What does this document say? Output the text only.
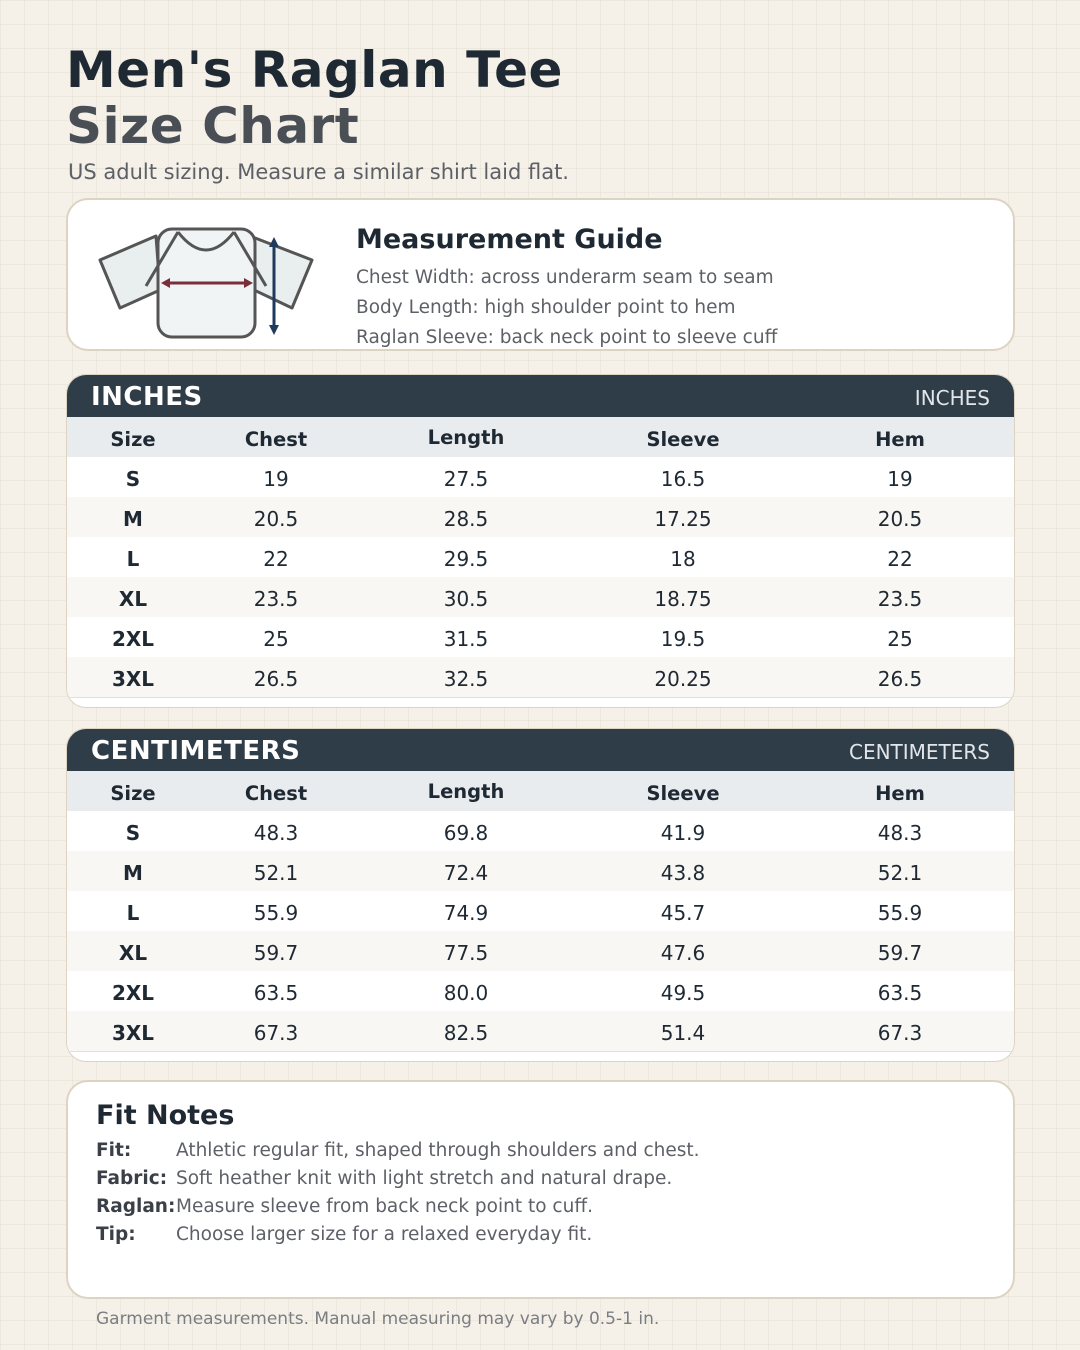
Men's Raglan Tee
Size Chart
US adult sizing. Measure a similar shirt laid flat.
Measurement Guide
Chest Width: across underarm seam to seam
Body Length: high shoulder point to hem
Raglan Sleeve: back neck point to sleeve cuff
INCHES	INCHES
Size	Chest	Length	Sleeve	Hem
S	19	27.5	16.5	19
M	20.5	28.5	17.25	20.5
L	22	29.5	18	22
XL	23.5	30.5	18.75	23.5
2XL	25	31.5	19.5	25
3XL	26.5	32.5	20.25	26.5
CENTIMETERS	CENTIMETERS
Size	Chest	Length	Sleeve	Hem
S	48.3	69.8	41.9	48.3
M	52.1	72.4	43.8	52.1
L	55.9	74.9	45.7	55.9
XL	59.7	77.5	47.6	59.7
2XL	63.5	80.0	49.5	63.5
3XL	67.3	82.5	51.4	67.3
Fit Notes
Fit: Athletic regular fit, shaped through shoulders and chest.
Fabric: Soft heather knit with light stretch and natural drape.
Raglan: Measure sleeve from back neck point to cuff.
Tip: Choose larger size for a relaxed everyday fit.
Garment measurements. Manual measuring may vary by 0.5-1 in.
